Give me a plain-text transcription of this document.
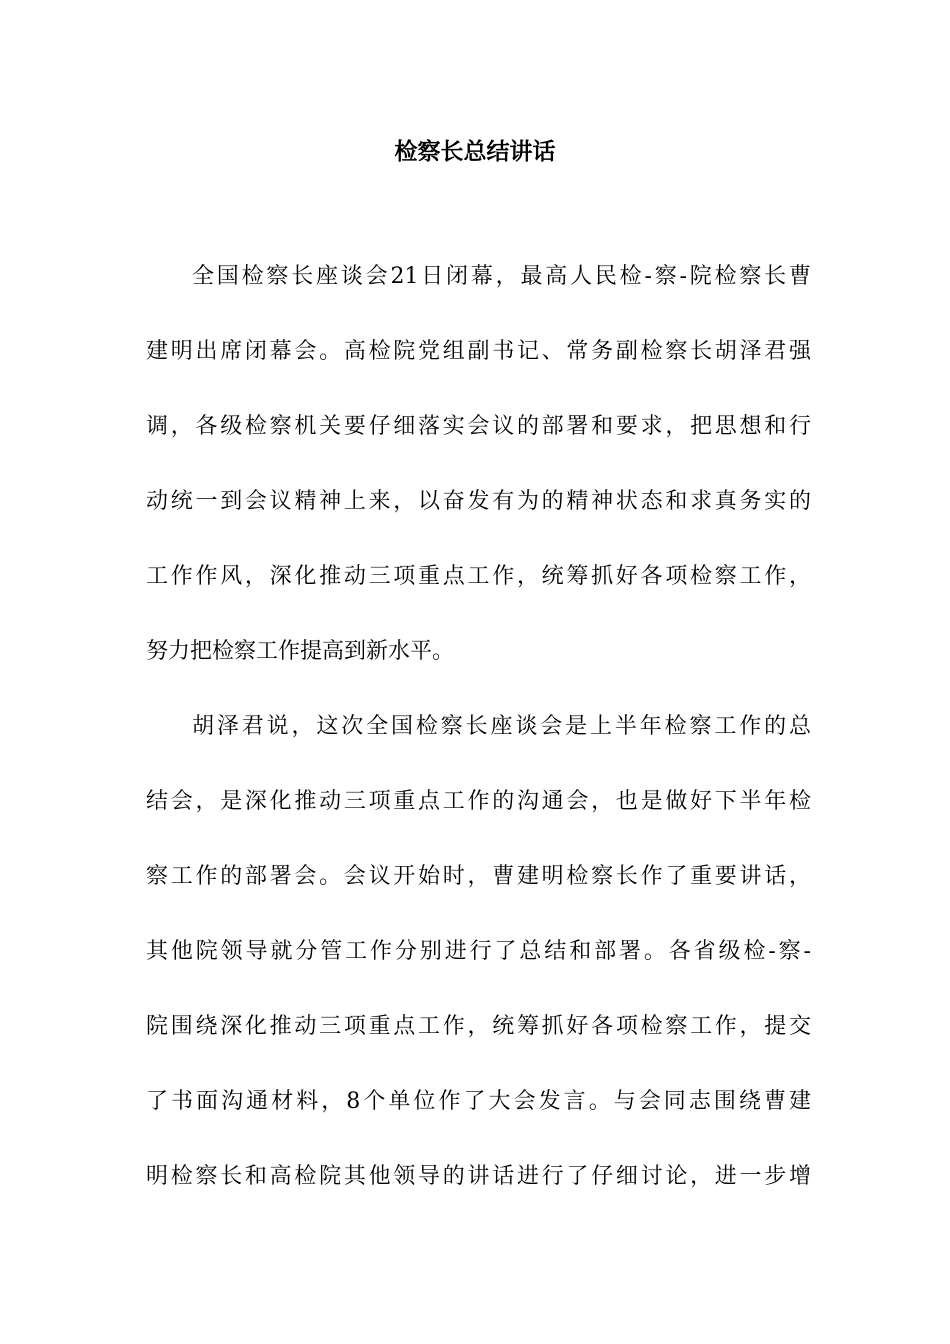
检察长总结讲话
全国检察长座谈会21日闭幕，最高人民检-察-院检察长曹
建明出席闭幕会。高检院党组副书记、常务副检察长胡泽君强
调，各级检察机关要仔细落实会议的部署和要求，把思想和行
动统一到会议精神上来，以奋发有为的精神状态和求真务实的
工作作风，深化推动三项重点工作，统筹抓好各项检察工作，
努力把检察工作提高到新水平。
胡泽君说，这次全国检察长座谈会是上半年检察工作的总
结会，是深化推动三项重点工作的沟通会，也是做好下半年检
察工作的部署会。会议开始时，曹建明检察长作了重要讲话，
其他院领导就分管工作分别进行了总结和部署。各省级检-察-
院围绕深化推动三项重点工作，统筹抓好各项检察工作，提交
了书面沟通材料，8个单位作了大会发言。与会同志围绕曹建
明检察长和高检院其他领导的讲话进行了仔细讨论，进一步增
